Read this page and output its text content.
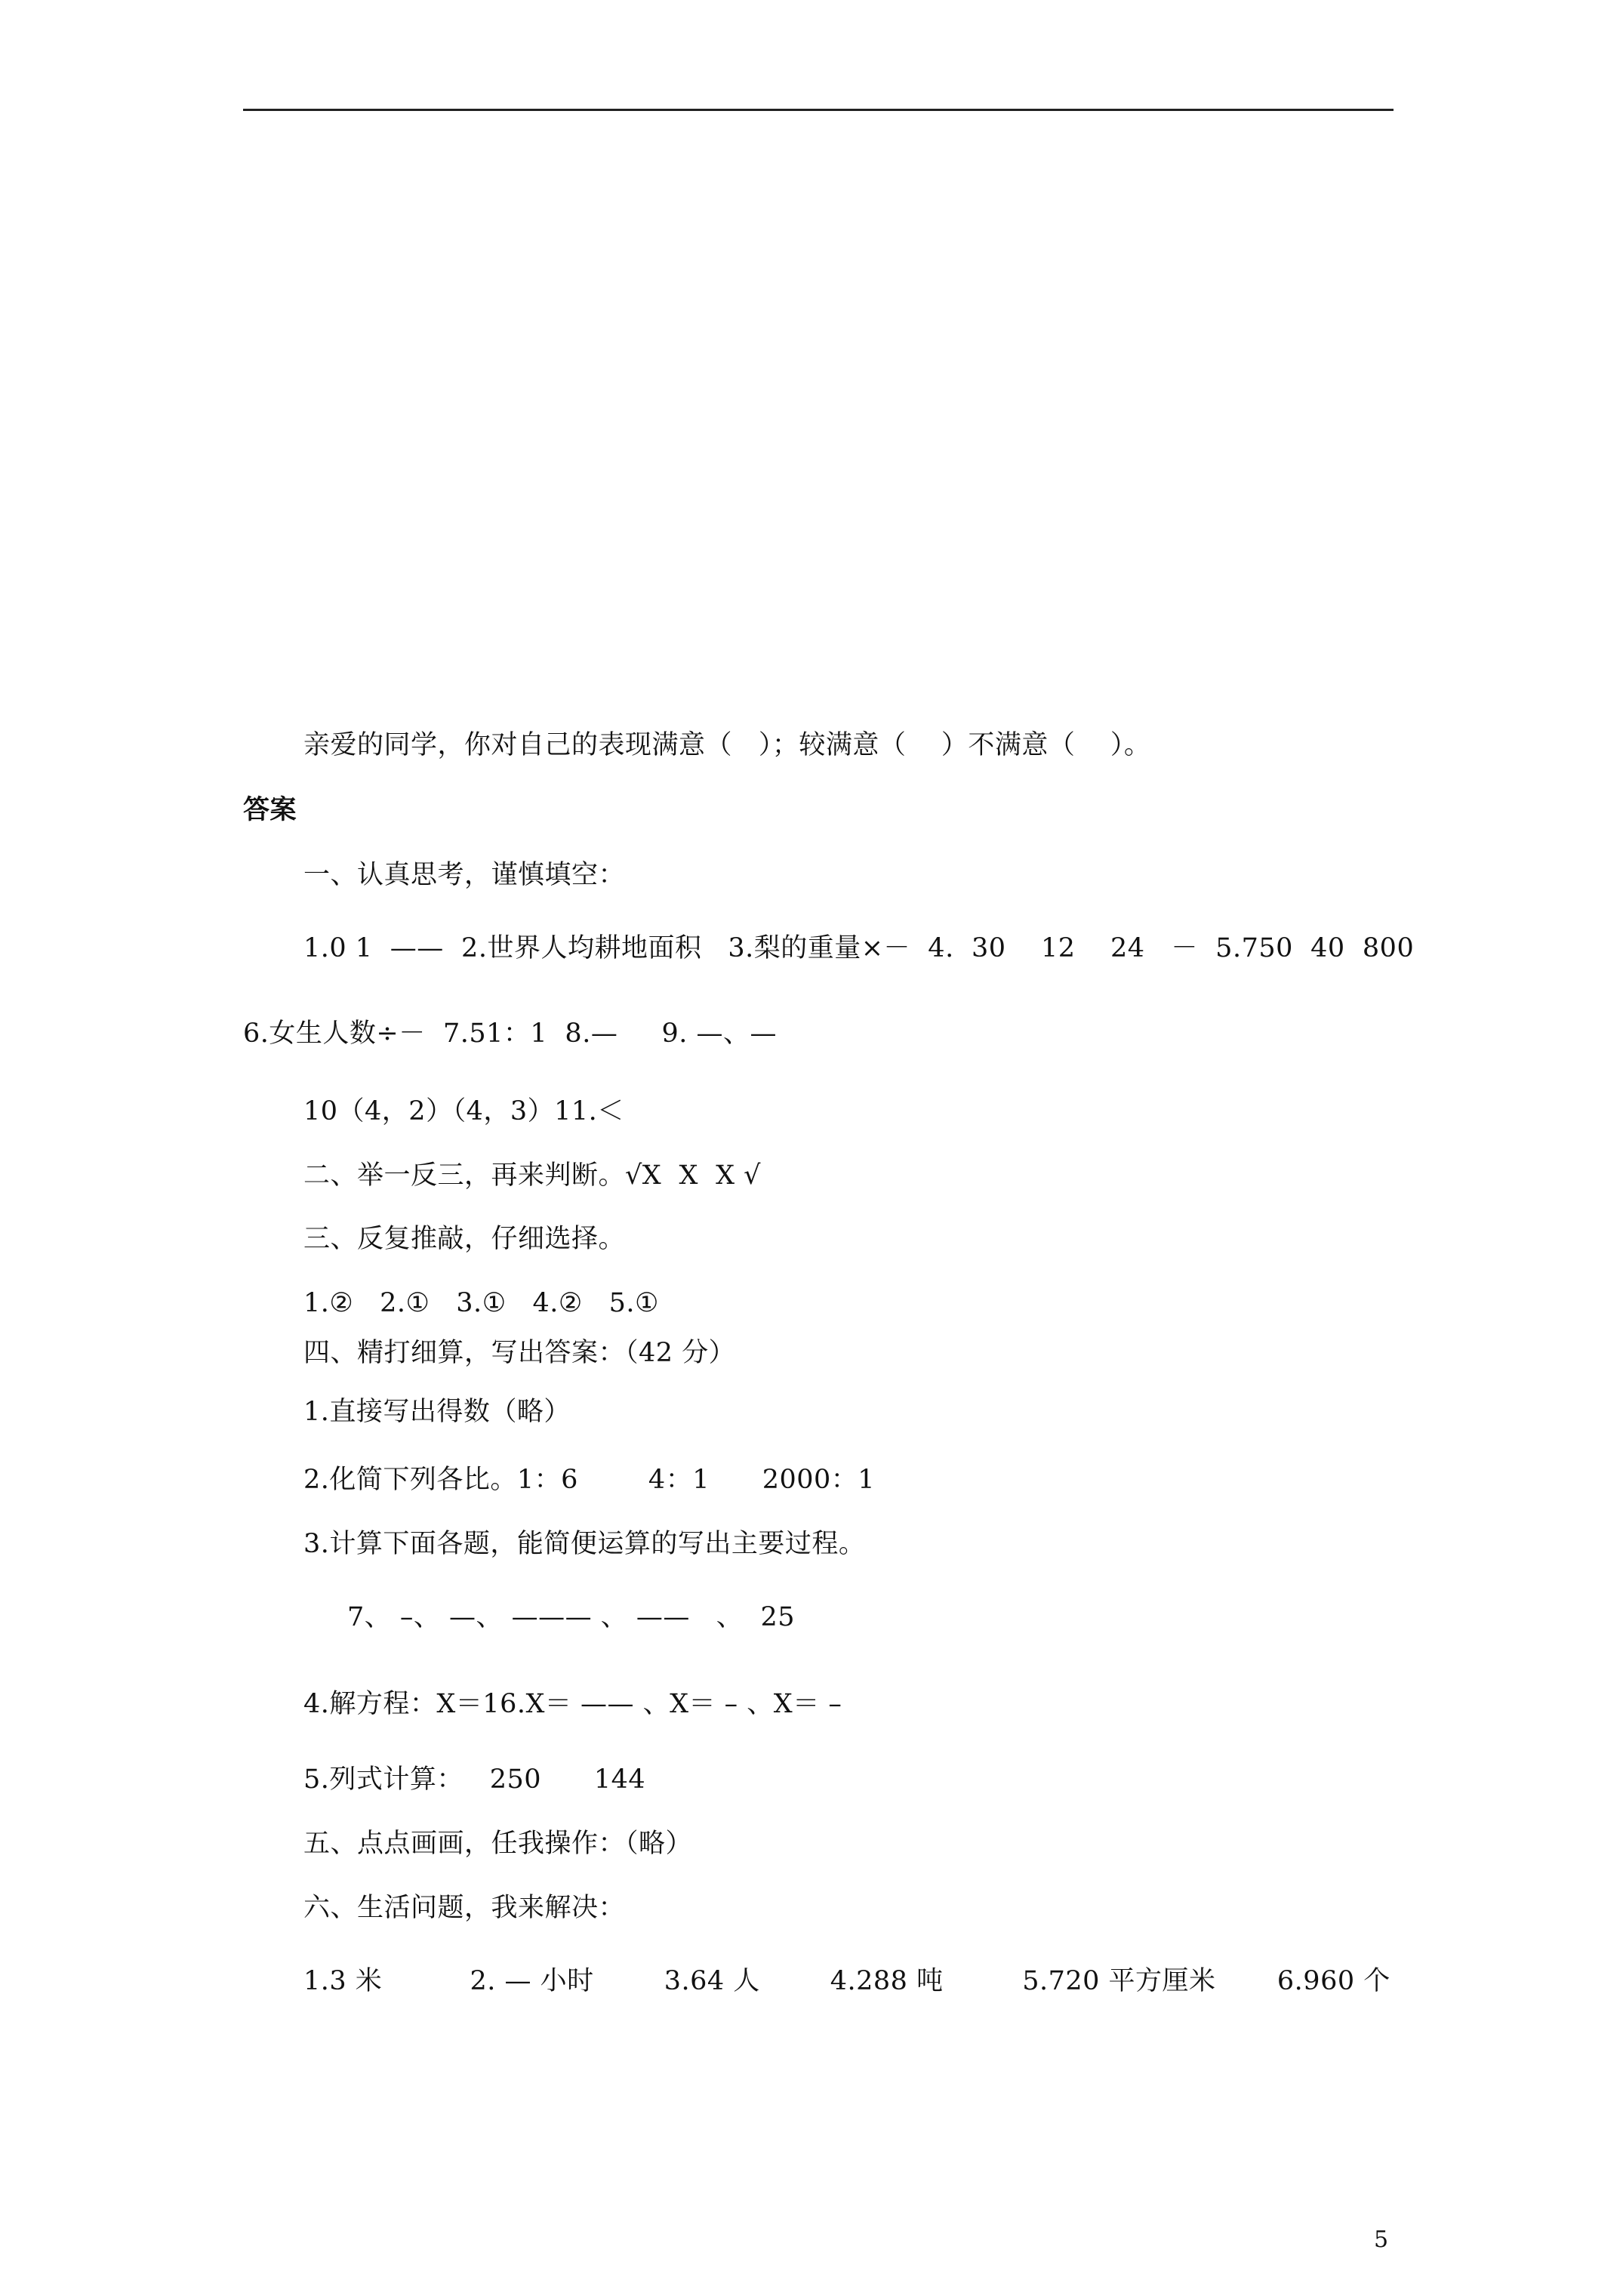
亲爱的同学，你对自己的表现满意（   ）；较满意（    ）不满意（    ）。
答案
一、认真思考，谨慎填空：
1.0 1  ——  2.世界人均耕地面积   3.梨的重量×－  4.  30    12    24   －  5.750  40  800
6.女生人数÷－  7.51：1  8.—     9. —、—
10（4，2）（4，3）11.＜
二、举一反三，再来判断。√X  X  X √
三、反复推敲，仔细选择。
1.②   2.①   3.①   4.②   5.①
四、精打细算，写出答案：（42 分）
1.直接写出得数（略）
2.化简下列各比。1：6        4：1      2000：1
3.计算下面各题，能简便运算的写出主要过程。
7、 –、 —、 ——— 、 ——   、  25
4.解方程：X＝16.X＝ —— 、X＝ – 、X＝ –
5.列式计算：   250      144
五、点点画画，任我操作：（略）
六、生活问题，我来解决：
1.3 米          2. — 小时        3.64 人        4.288 吨         5.720 平方厘米       6.960 个
5
